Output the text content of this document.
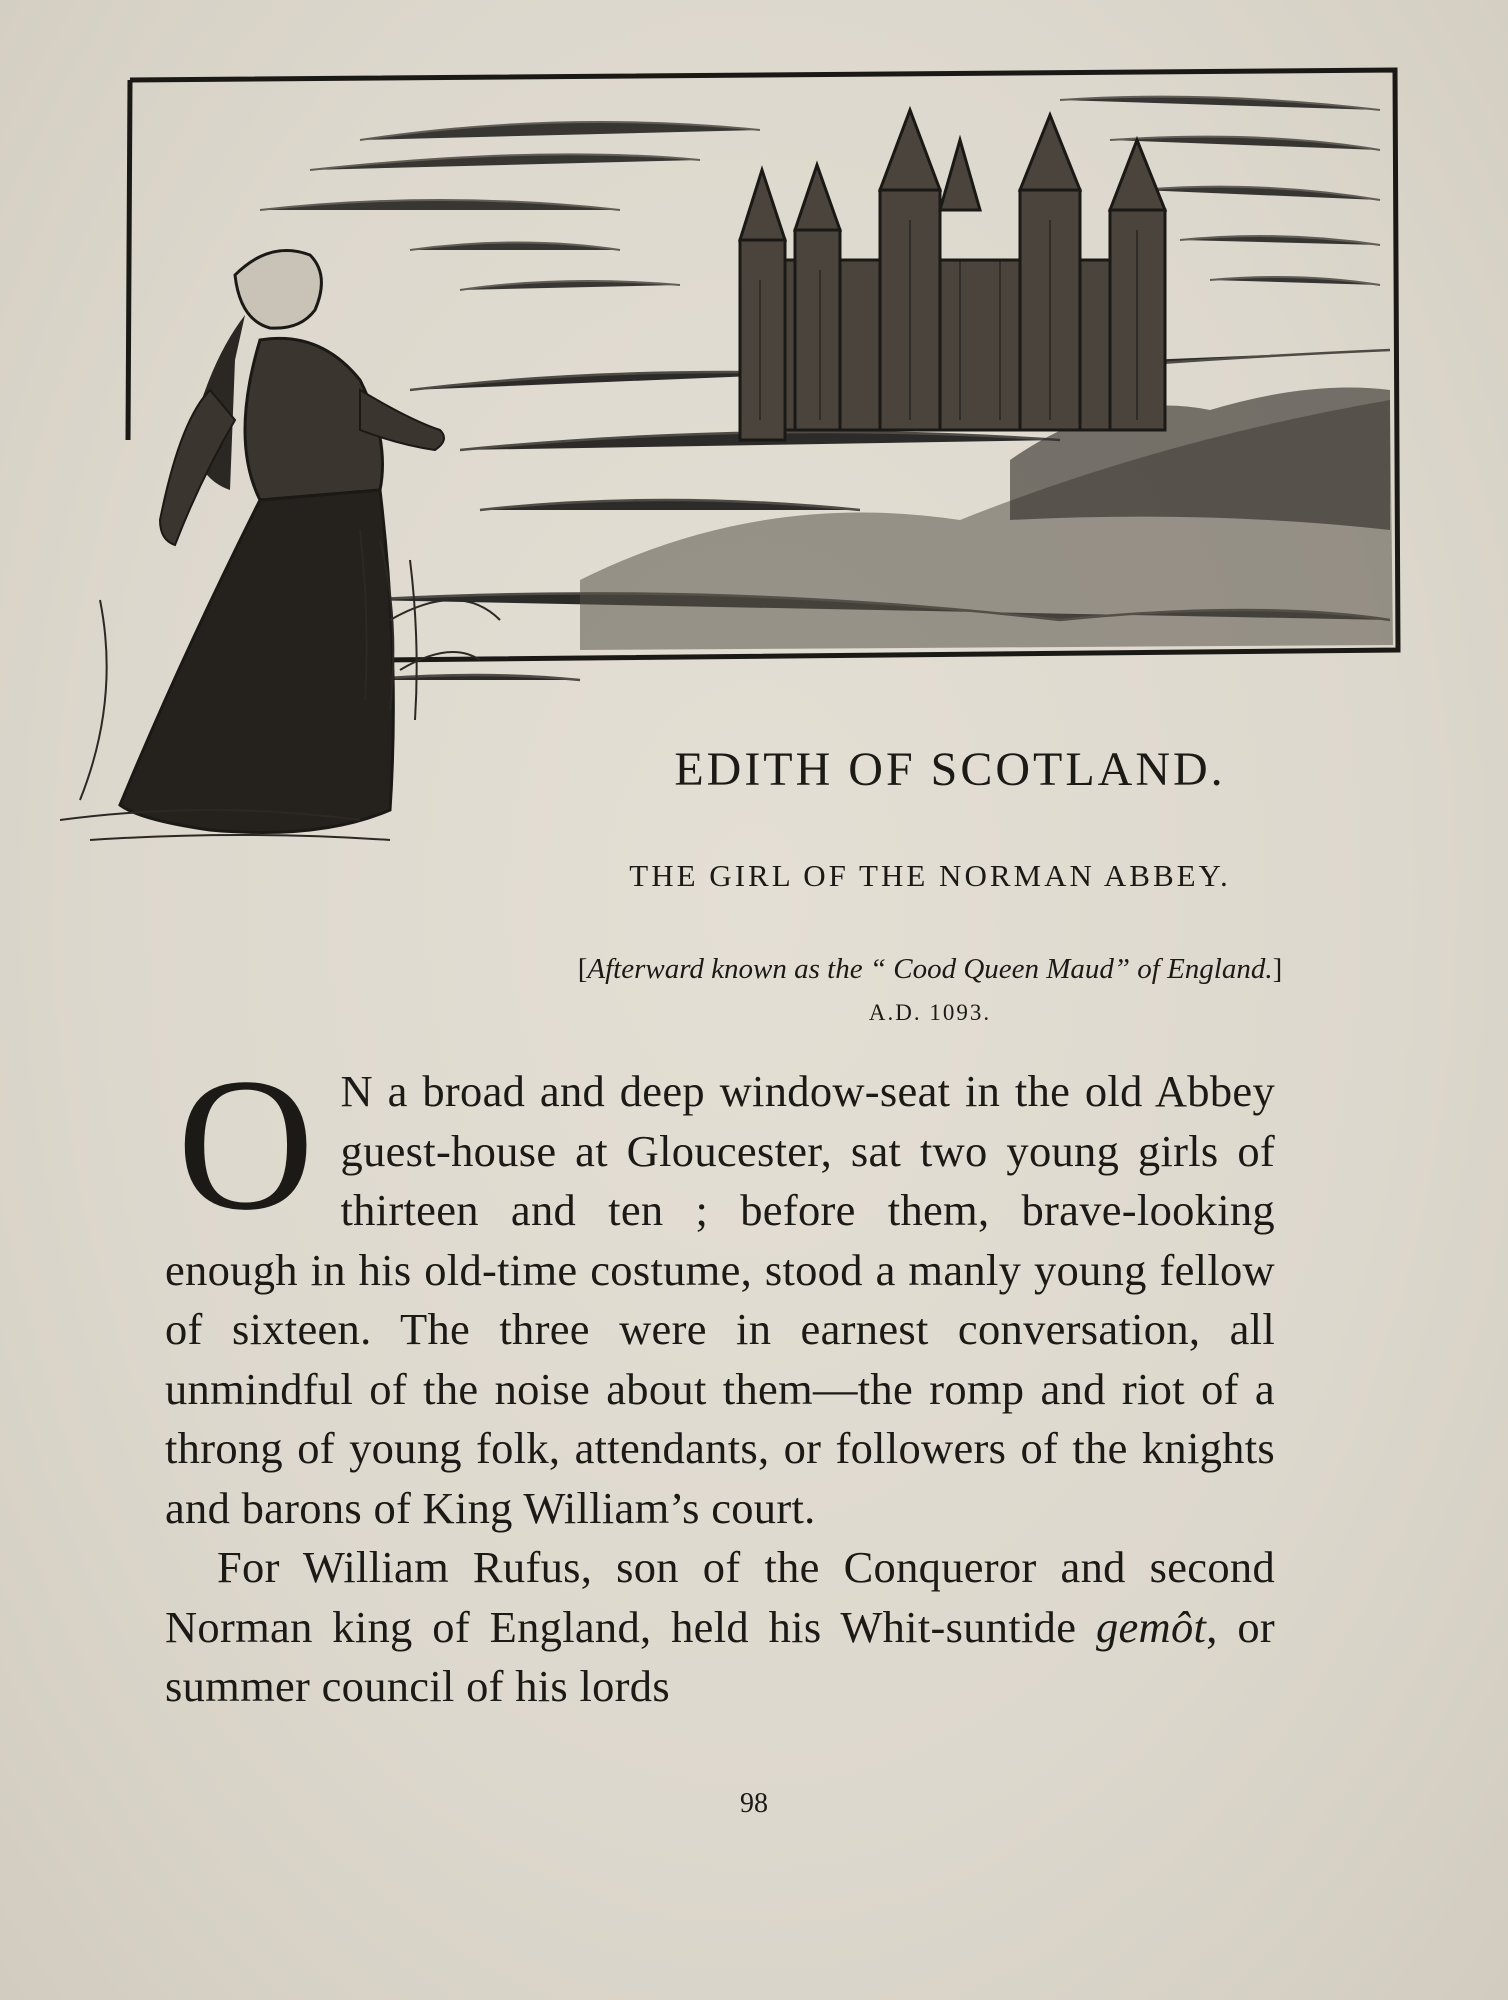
EDITH OF SCOTLAND.
THE GIRL OF THE NORMAN ABBEY.
[Afterward known as the “ Cood Queen Maud” of England.] A.D. 1093.

O N a broad and deep window-seat in the old Abbey guest-house at Gloucester, sat two young girls of thirteen and ten ; before them, brave-looking enough in his old-time costume, stood a manly young fellow of sixteen. The three were in earnest conversation, all unmindful of the noise about them—the romp and riot of a throng of young folk, attendants, or followers of the knights and barons of King William’s court.

For William Rufus, son of the Conqueror and second Norman king of England, held his Whit-suntide gemôt, or summer council of his lords

98
